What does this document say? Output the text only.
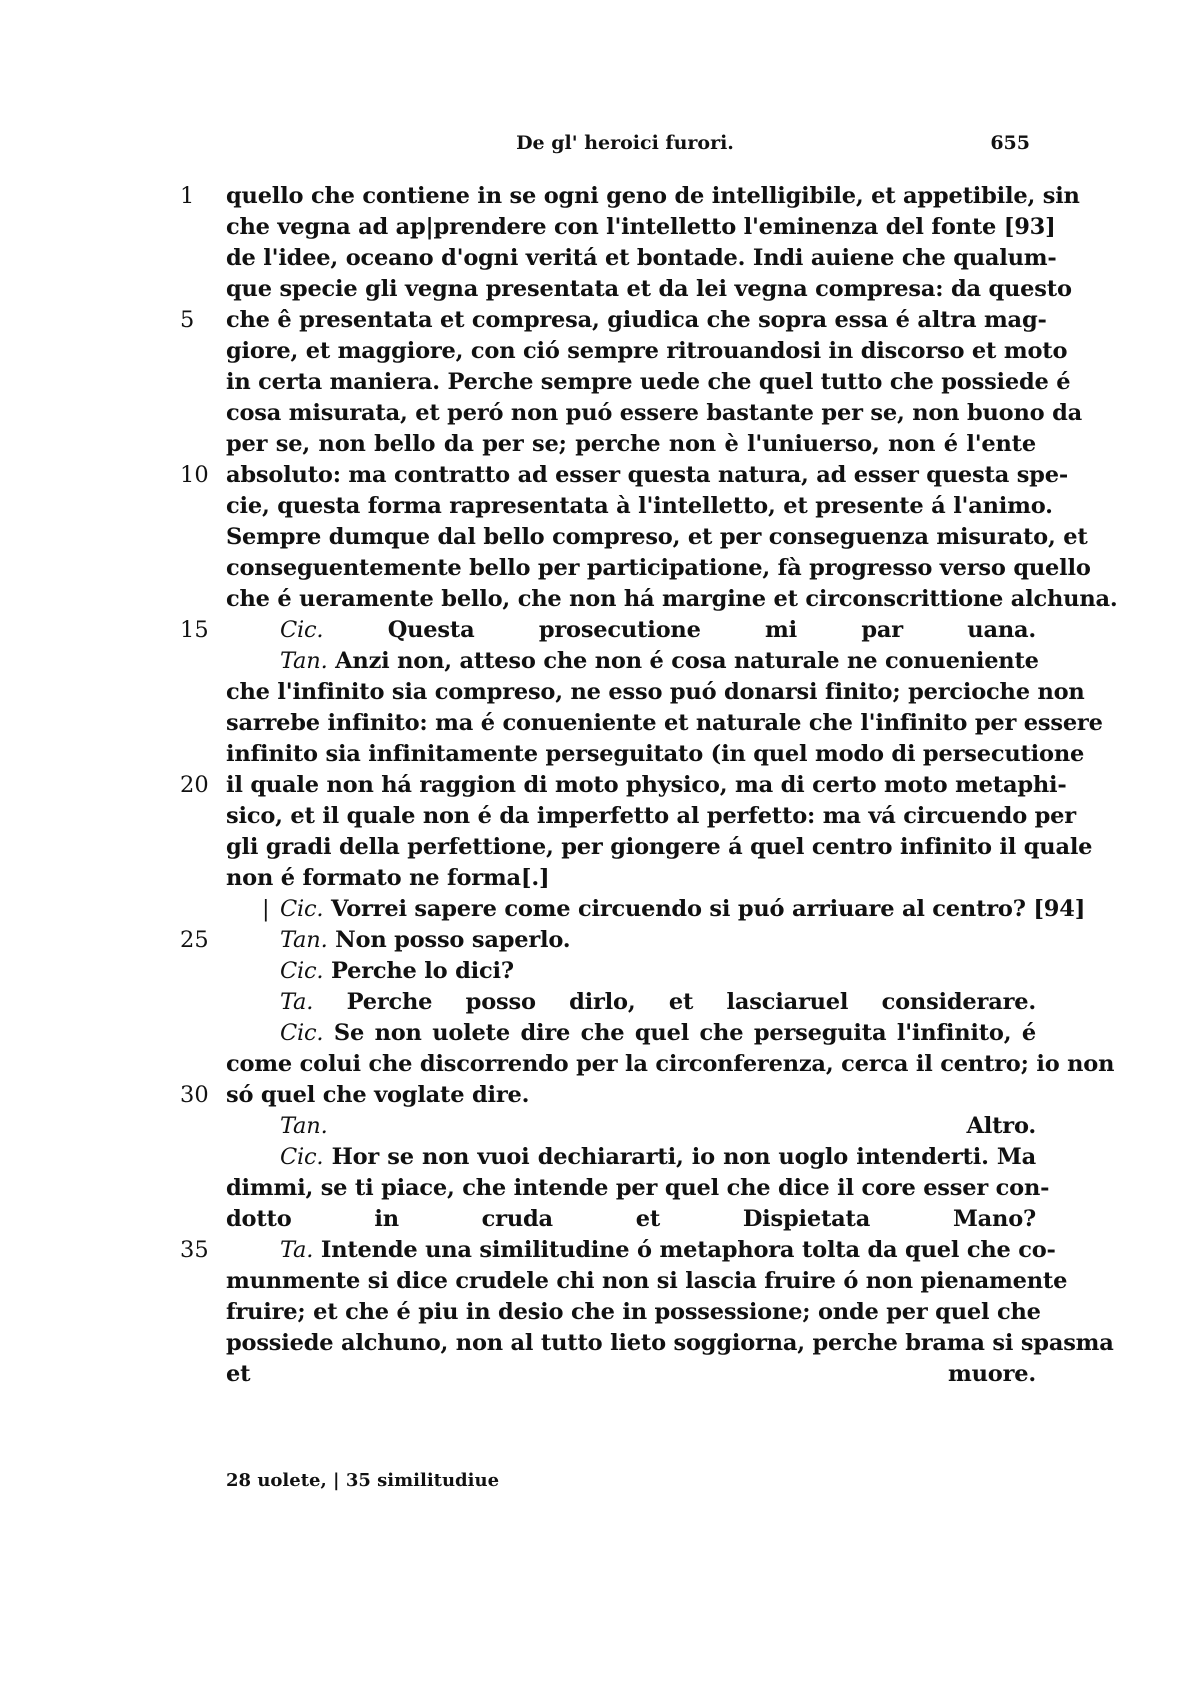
De gl' heroici furori.	655
1	quello che contiene in se ogni geno de intelligibile, et appetibile, sin
che vegna ad ap|prendere con l'intelletto l'eminenza del fonte [93]
de l'idee, oceano d'ogni veritá et bontade. Indi auiene che qualum-
que specie gli vegna presentata et da lei vegna compresa: da questo
5	che ê presentata et compresa, giudica che sopra essa é altra mag-
giore, et maggiore, con ció sempre ritrouandosi in discorso et moto
in certa maniera. Perche sempre uede che quel tutto che possiede é
cosa misurata, et peró non puó essere bastante per se, non buono da
per se, non bello da per se; perche non è l'uniuerso, non é l'ente
10 absoluto: ma contratto ad esser questa natura, ad esser questa spe-
cie, questa forma rapresentata à l'intelletto, et presente á l'animo.
Sempre dumque dal bello compreso, et per conseguenza misurato, et
conseguentemente bello per participatione, fà progresso verso quello
che é ueramente bello, che non há margine et circonscrittione alchuna.
15	Cic.	Questa prosecutione mi par uana.
Tan. Anzi non, atteso che non é cosa naturale ne conueniente
che l'infinito sia compreso, ne esso puó donarsi finito; percioche non
sarrebe infinito: ma é conueniente et naturale che l'infinito per essere
infinito sia infinitamente perseguitato (in quel modo di persecutione
20 il quale non há raggion di moto physico, ma di certo moto metaphi-
sico, et il quale non é da imperfetto al perfetto: ma vá circuendo per
gli gradi della perfettione, per giongere á quel centro infinito il quale
non é formato ne forma[.]
| Cic. Vorrei sapere come circuendo si puó arriuare al centro? [94]
25	Tan. Non posso saperlo.
Cic. Perche lo dici?
Ta. Perche posso dirlo, et lasciaruel considerare.
Cic. Se non uolete dire che quel che perseguita l'infinito, é
come colui che discorrendo per la circonferenza, cerca il centro; io non
30 só quel che voglate dire.
Tan.	Altro.
Cic. Hor se non vuoi dechiararti, io non uoglo intenderti. Ma
dimmi, se ti piace, che intende per quel che dice il core esser con-
dotto in cruda et Dispietata Mano?
35	Ta. Intende una similitudine ó metaphora tolta da quel che co-
munmente si dice crudele chi non si lascia fruire ó non pienamente
fruire; et che é piu in desio che in possessione; onde per quel che
possiede alchuno, non al tutto lieto soggiorna, perche brama si spasma
et muore.
28 uolete, | 35 similitudiue
